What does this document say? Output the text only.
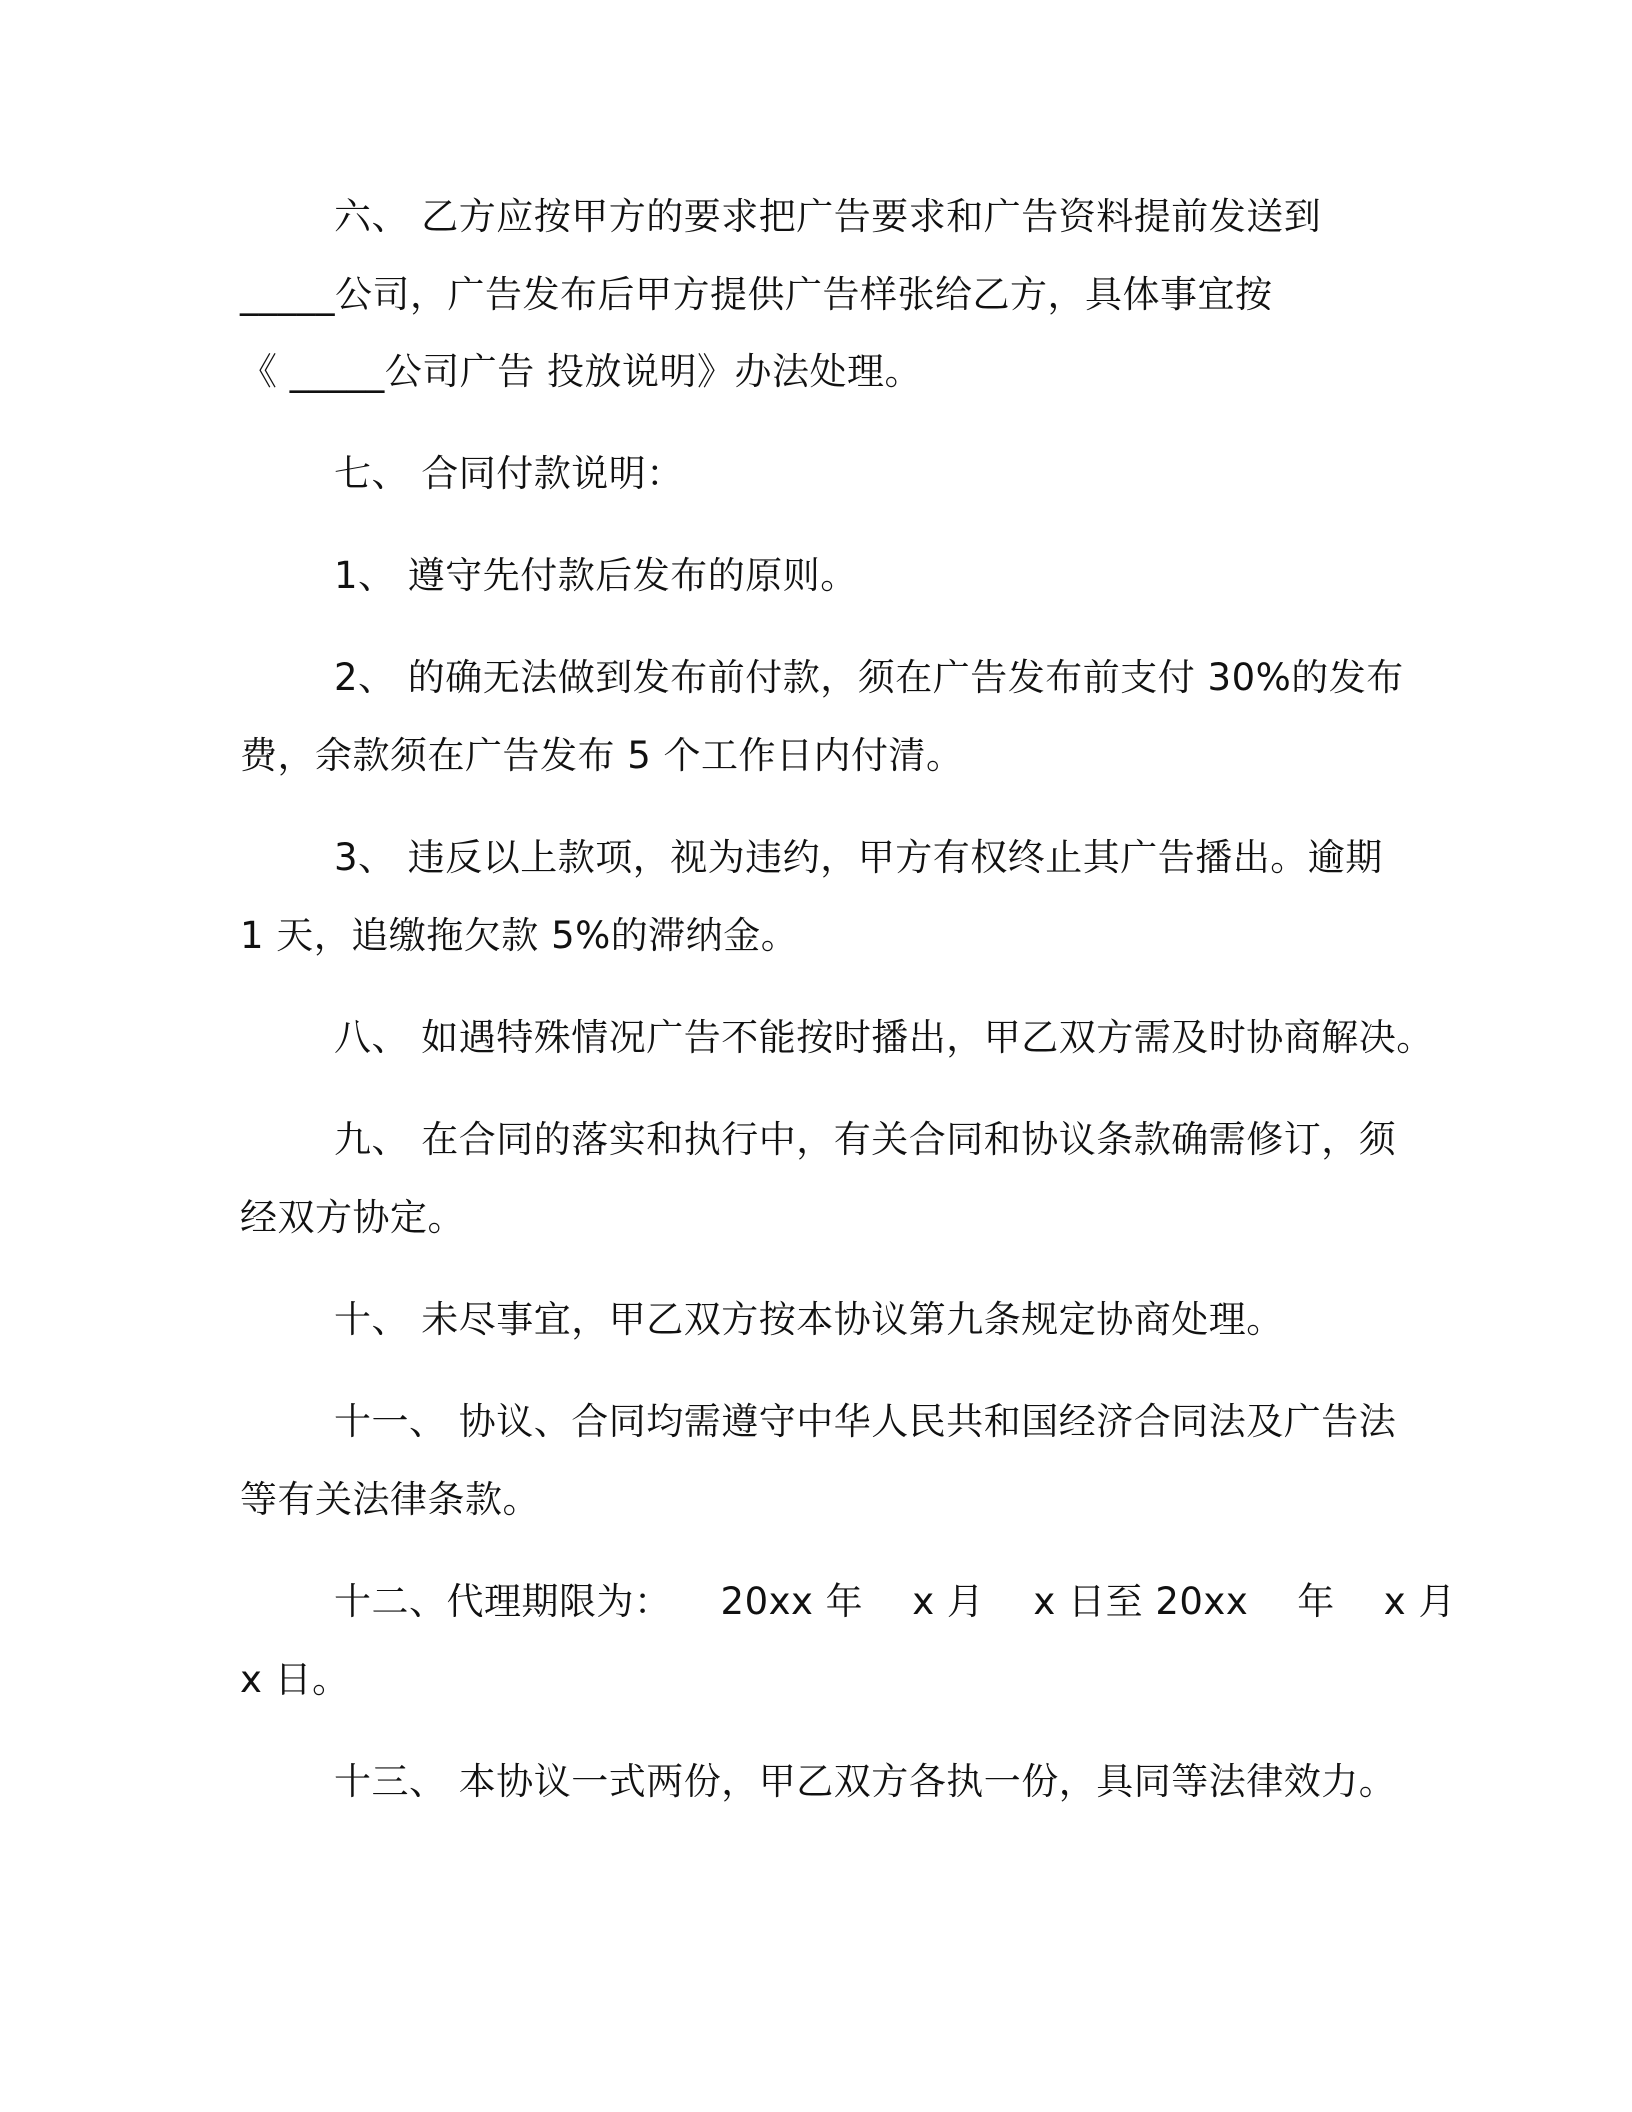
六、 乙方应按甲方的要求把广告要求和广告资料提前发送到
_____公司，广告发布后甲方提供广告样张给乙方，具体事宜按
《 _____公司广告 投放说明》办法处理。
七、 合同付款说明：
1、 遵守先付款后发布的原则。
2、 的确无法做到发布前付款，须在广告发布前支付 30%的发布
费，余款须在广告发布 5 个工作日内付清。
3、 违反以上款项，视为违约，甲方有权终止其广告播出。逾期
1 天，追缴拖欠款 5%的滞纳金。
八、 如遇特殊情况广告不能按时播出，甲乙双方需及时协商解决。
九、 在合同的落实和执行中，有关合同和协议条款确需修订，须
经双方协定。
十、 未尽事宜，甲乙双方按本协议第九条规定协商处理。
十一、 协议、合同均需遵守中华人民共和国经济合同法及广告法
等有关法律条款。
十二、代理期限为：    20xx 年    x 月    x 日至 20xx    年    x 月
x 日。
十三、 本协议一式两份，甲乙双方各执一份，具同等法律效力。
